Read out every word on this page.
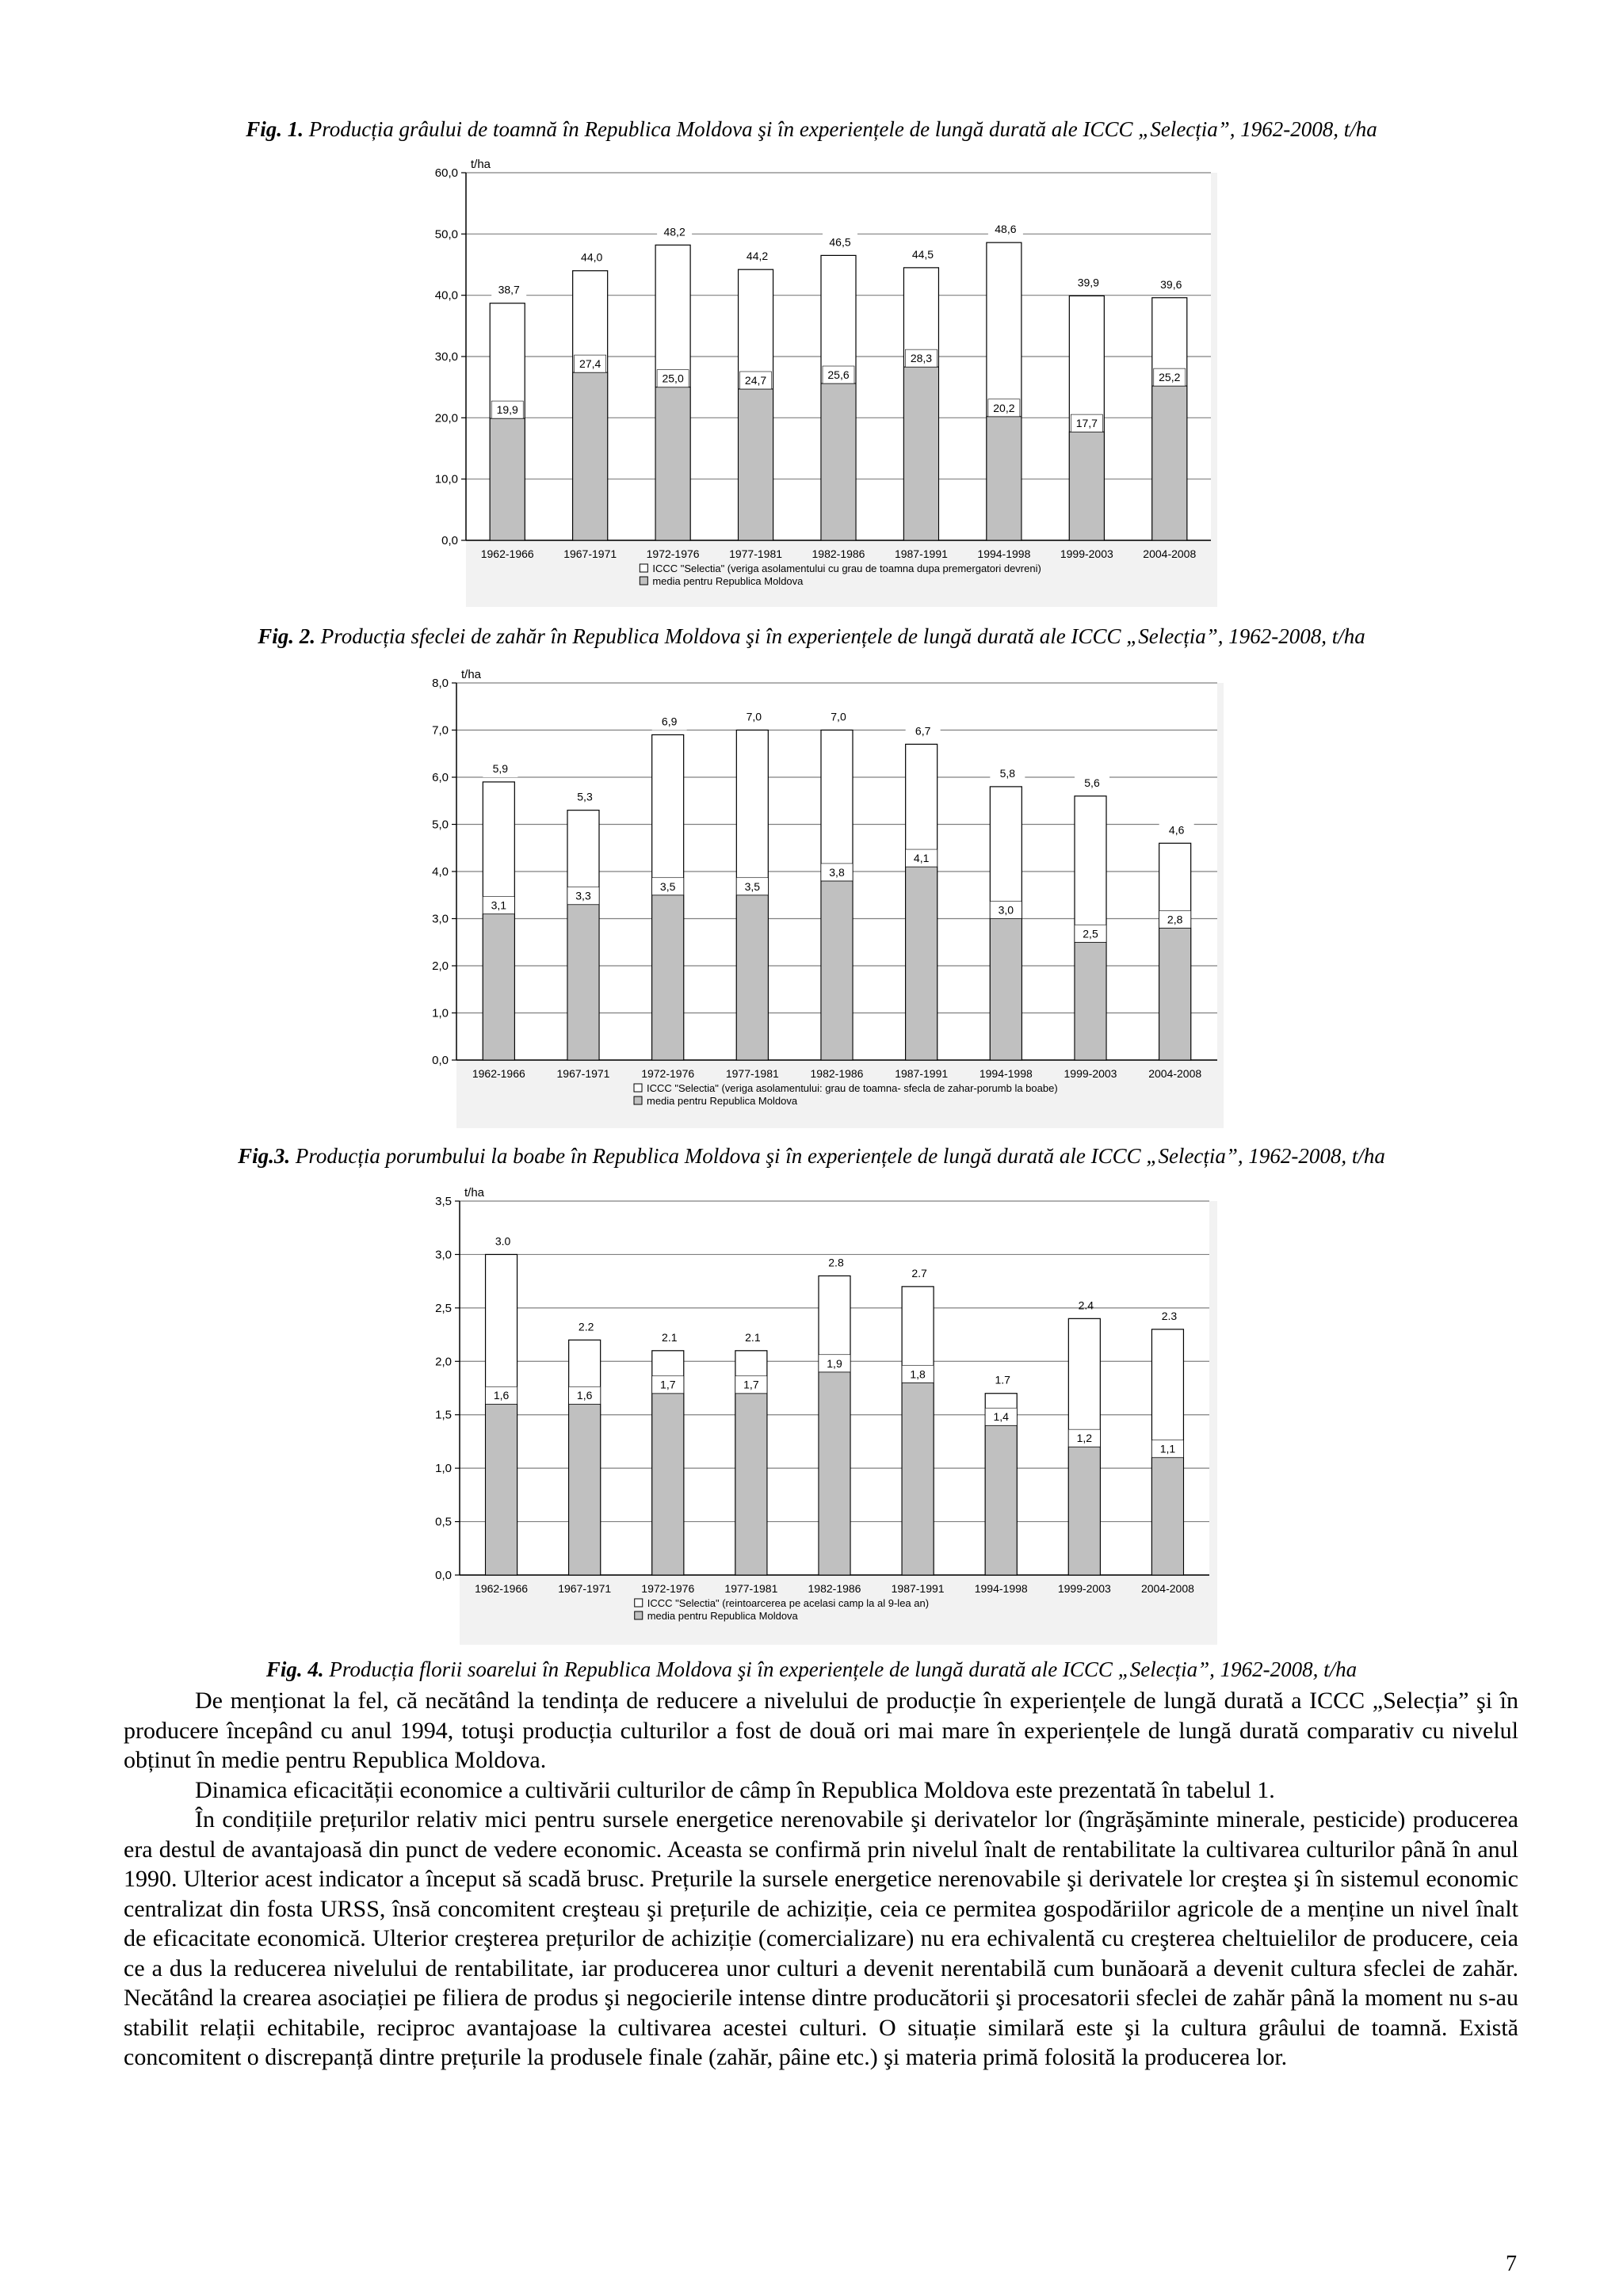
Fig. 1. Producția grâului de toamnă în Republica Moldova şi în experiențele de lungă durată ale ICCC „Selecția”, 1962-2008, t/ha
0,0
10,0
20,0
30,0
40,0
50,0
60,0
t/ha
38,7
19,9
1962-1966
44,0
27,4
1967-1971
48,2
25,0
1972-1976
44,2
24,7
1977-1981
46,5
25,6
1982-1986
44,5
28,3
1987-1991
48,6
20,2
1994-1998
39,9
17,7
1999-2003
39,6
25,2
2004-2008
ICCC "Selectia" (veriga asolamentului cu grau de toamna dupa premergatori devreni)
media pentru Republica Moldova
Fig. 2. Producția sfeclei de zahăr în Republica Moldova şi în experiențele de lungă durată ale ICCC „Selecția”, 1962-2008, t/ha
0,0
1,0
2,0
3,0
4,0
5,0
6,0
7,0
8,0
t/ha
5,9
3,1
1962-1966
5,3
3,3
1967-1971
6,9
3,5
1972-1976
7,0
3,5
1977-1981
7,0
3,8
1982-1986
6,7
4,1
1987-1991
5,8
3,0
1994-1998
5,6
2,5
1999-2003
4,6
2,8
2004-2008
ICCC "Selectia" (veriga asolamentului: grau de toamna- sfecla de zahar-porumb la boabe)
media pentru Republica Moldova
Fig.3. Producția porumbului la boabe în Republica Moldova şi în experiențele de lungă durată ale ICCC „Selecția”, 1962-2008, t/ha
0,0
0,5
1,0
1,5
2,0
2,5
3,0
3,5
t/ha
3.0
1,6
1962-1966
2.2
1,6
1967-1971
2.1
1,7
1972-1976
2.1
1,7
1977-1981
2.8
1,9
1982-1986
2.7
1,8
1987-1991
1.7
1,4
1994-1998
2.4
1,2
1999-2003
2.3
1,1
2004-2008
ICCC "Selectia" (reintoarcerea pe acelasi camp la al 9-lea an)
media pentru Republica Moldova
Fig. 4. Producția florii soarelui în Republica Moldova şi în experiențele de lungă durată ale ICCC „Selecția”, 1962-2008, t/ha

De menționat la fel, că necătând la tendința de reducere a nivelului de producție în experiențele de lungă durată a ICCC „Selecția” şi în producere începând cu anul 1994, totuşi producția culturilor a fost de două ori mai mare în experiențele de lungă durată comparativ cu nivelul obținut în medie pentru Republica Moldova.

Dinamica eficacității economice a cultivării culturilor de câmp în Republica Moldova este prezentată în tabelul 1.

În condițiile prețurilor relativ mici pentru sursele energetice nerenovabile şi derivatelor lor (îngrăşăminte minerale, pesticide) producerea era destul de avantajoasă din punct de vedere economic. Aceasta se confirmă prin nivelul înalt de rentabilitate la cultivarea culturilor până în anul 1990. Ulterior acest indicator a început să scadă brusc. Prețurile la sursele energetice nerenovabile şi derivatele lor creştea şi în sistemul economic centralizat din fosta URSS, însă concomitent creşteau şi prețurile de achiziție, ceia ce permitea gospodăriilor agricole de a menține un nivel înalt de eficacitate economică. Ulterior creşterea prețurilor de achiziție (comercializare) nu era echivalentă cu creşterea cheltuielilor de producere, ceia ce a dus la reducerea nivelului de rentabilitate, iar producerea unor culturi a devenit nerentabilă cum bunăoară a devenit cultura sfeclei de zahăr. Necătând la crearea asociației pe filiera de produs şi negocierile intense dintre producătorii şi procesatorii sfeclei de zahăr până la moment nu s-au stabilit relații echitabile, reciproc avantajoase la cultivarea acestei culturi. O situație similară este şi la cultura grâului de toamnă. Există concomitent o discrepanță dintre prețurile la produsele finale (zahăr, pâine etc.) şi materia primă folosită la producerea lor.

7
